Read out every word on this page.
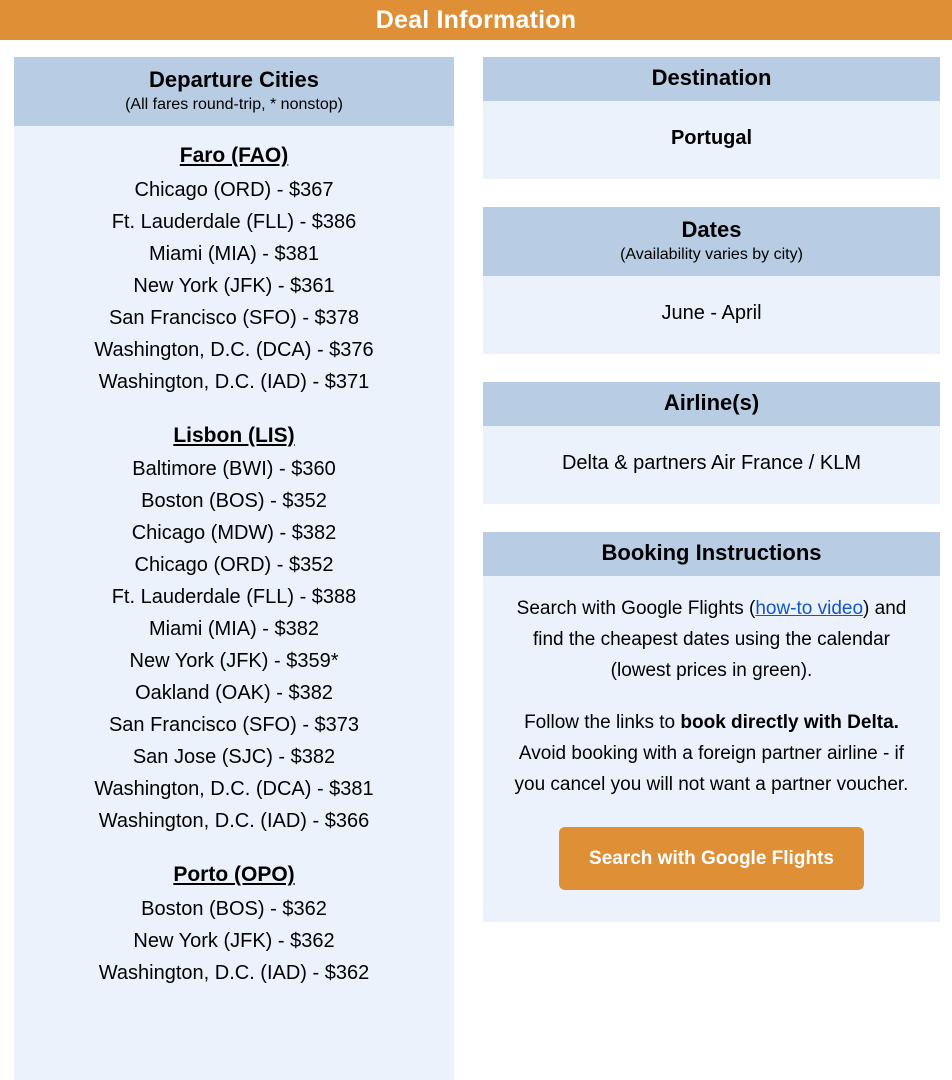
Deal Information
Departure Cities
(All fares round-trip, * nonstop)
Faro (FAO)
Chicago (ORD) - $367
Ft. Lauderdale (FLL) - $386
Miami (MIA) - $381
New York (JFK) - $361
San Francisco (SFO) - $378
Washington, D.C. (DCA) - $376
Washington, D.C. (IAD) - $371
Lisbon (LIS)
Baltimore (BWI) - $360
Boston (BOS) - $352
Chicago (MDW) - $382
Chicago (ORD) - $352
Ft. Lauderdale (FLL) - $388
Miami (MIA) - $382
New York (JFK) - $359*
Oakland (OAK) - $382
San Francisco (SFO) - $373
San Jose (SJC) - $382
Washington, D.C. (DCA) - $381
Washington, D.C. (IAD) - $366
Porto (OPO)
Boston (BOS) - $362
New York (JFK) - $362
Washington, D.C. (IAD) - $362
Destination
Portugal
Dates
(Availability varies by city)
June - April
Airline(s)
Delta & partners Air France / KLM
Booking Instructions

Search with Google Flights (how-to video) and find the cheapest dates using the calendar (lowest prices in green).

Follow the links to book directly with Delta. Avoid booking with a foreign partner airline - if you cancel you will not want a partner voucher.

Search with Google Flights
